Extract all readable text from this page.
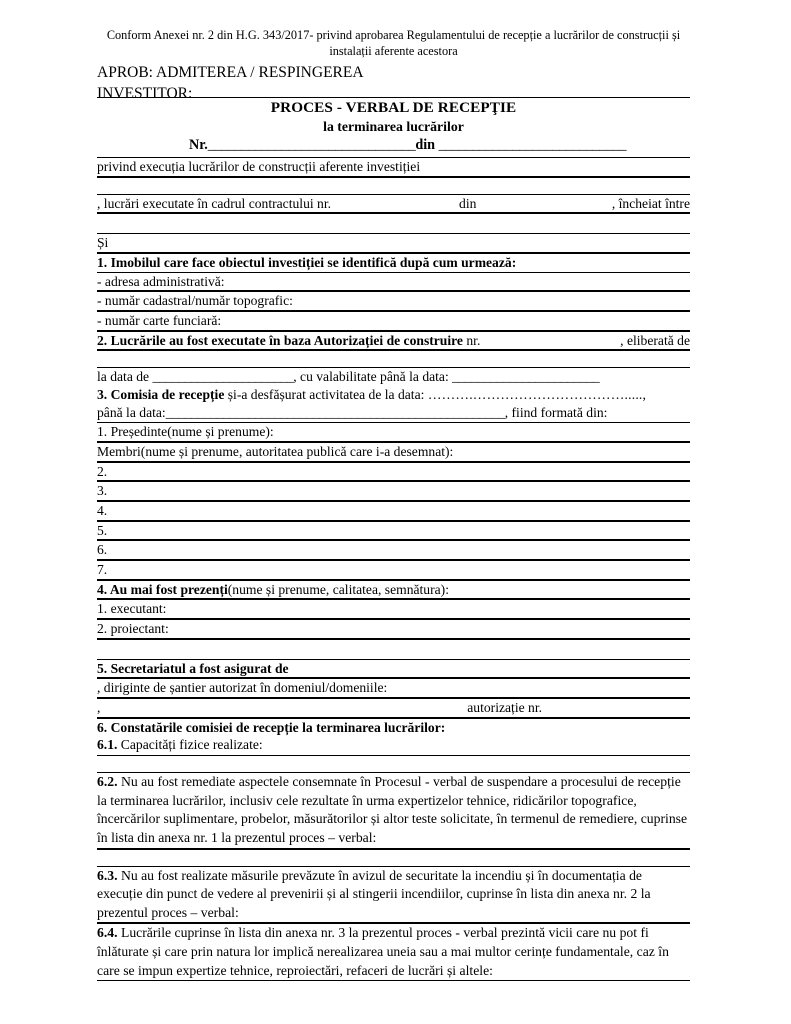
Conform Anexei nr. 2 din H.G. 343/2017- privind aprobarea Regulamentului de recepție a lucrărilor de construcții și instalații aferente acestora
APROB: ADMITEREA / RESPINGEREA
INVESTITOR:
PROCES - VERBAL DE RECEPŢIE
la terminarea lucrărilor
Nr._______________________________din ____________________________

privind execuția lucrărilor de construcții aferente investiției

, lucrări executate în cadrul contractului nr.	din	, încheiat între

Și
1. Imobilul care face obiectul investiției se identifică după cum urmează:
- adresa administrativă:
- număr cadastral/număr topografic:
- număr carte funciară:

2. Lucrările au fost executate în baza Autorizației de construire
nr.	, eliberată de

la data de ______________________, cu valabilitate până la data: _______________________
3. Comisia de recepție și-a desfășurat activitatea de la data: ……….…………………………….....,
până la data:_____________________________________________________, fiind formată din:

1. Președinte(nume și prenume):
Membri(nume și prenume, autoritatea publică care i-a desemnat):
2.
3.
4.
5.
6.
7.
4. Au mai fost prezenți(nume și prenume, calitatea, semnătura):
1. executant:
2. proiectant:

5. Secretariatul a fost asigurat de
, diriginte de șantier autorizat în domeniul/domeniile:

,	autorizație nr.

6. Constatările comisiei de recepție la terminarea lucrărilor:
6.1. Capacități fizice realizate:

6.2. Nu au fost remediate aspectele consemnate în Procesul - verbal de suspendare a procesului de recepție la terminarea lucrărilor, inclusiv cele rezultate în urma expertizelor tehnice, ridicărilor topografice, încercărilor suplimentare, probelor, măsurătorilor și altor teste solicitate, în termenul de remediere, cuprinse în lista din anexa nr. 1 la prezentul proces – verbal:

6.3. Nu au fost realizate măsurile prevăzute în avizul de securitate la incendiu și în documentația de execuție din punct de vedere al prevenirii și al stingerii incendiilor, cuprinse în lista din anexa nr. 2 la prezentul proces – verbal:
6.4. Lucrările cuprinse în lista din anexa nr. 3 la prezentul proces - verbal prezintă vicii care nu pot fi înlăturate și care prin natura lor implică nerealizarea uneia sau a mai multor cerințe fundamentale, caz în care se impun expertize tehnice, reproiectări, refaceri de lucrări și altele:
